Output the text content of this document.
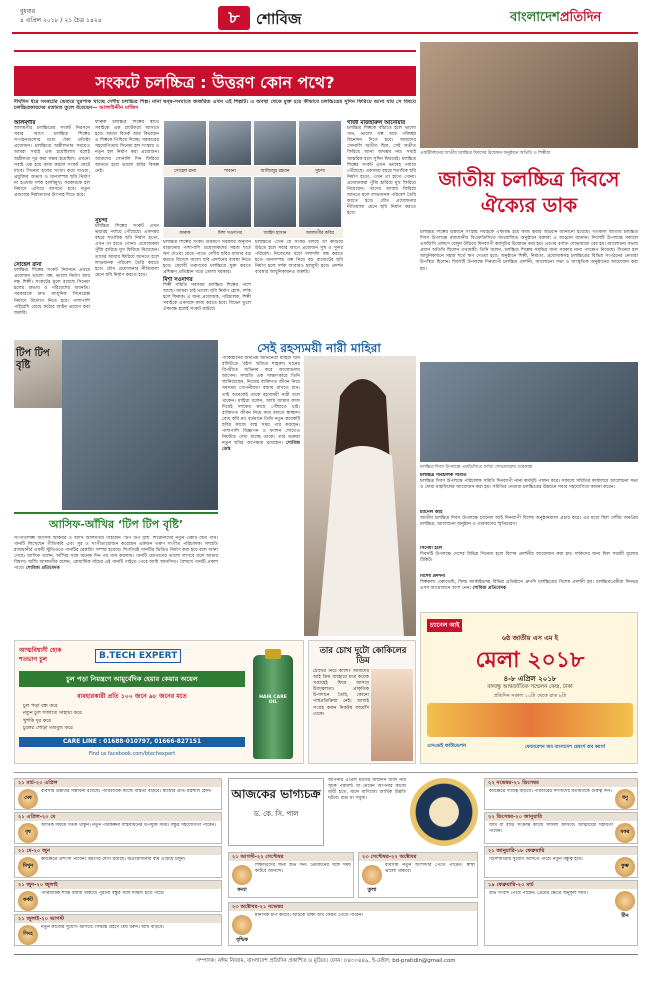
বুধবার
৪ এপ্রিল ২০১৮ / ২১ চৈত্র ১৪২৪	৮	শোবিজ	বাংলাদেশপ্রতিদিন
সংকটে চলচ্চিত্র : উত্তরণ কোন পথে?
দীর্ঘদিন ধরে সংকটের ভেতরে ঘুরপাক খাচ্ছে দেশীয় চলচ্চিত্র শিল্প। নানা দ্বন্দ্ব-সংঘাতে জর্জরিত এখন এই শিল্পটি। এ অবস্থা থেকে মুক্ত হয়ে কীভাবে চলচ্চিত্রের সুদিন ফিরিয়ে আনা যায় সে বিষয়ে চলচ্চিত্রকারদের মতামত তুলে ধরেছেন— আলাউদ্দীন মাজিদ
আলমগীর
আলমগীর চলচ্চিত্রের সংকট নিরসনে সবার আগে চলচ্চিত্র শিল্পের সংগঠনগুলোর মধ্যে ঐক্য প্রতিষ্ঠা প্রয়োজন। চলচ্চিত্রে অশ্লীলতার সময়েও আমরা সবাই এক হয়েছিলাম বলেই অশ্লীলতা দূর করা সম্ভব হয়েছিল। এখনো সবাই এক হয়ে কাজ করলে সংকট কেটে যাবে। সিনেমা হলের সংখ্যা কমে যাওয়া, প্রযুক্তির অভাব ও মানসম্পন্ন ছবি নির্মাণ না হওয়ায় দর্শক হলবিমুখ। সরকারকে হল নির্মাণে এগিয়ে আসতে হবে। নতুন প্রজন্মের নির্মাতাদের উৎসাহ দিতে হবে।
সোহেল রানা
চলচ্চিত্র শিল্পের সংকট নিরসনে প্রথমে প্রয়োজন ভালো গল্প, ভালো নির্মাণ আর দক্ষ শিল্পী। সংকটের মূলে রয়েছে সিনেমা হলের অভাব ও পরিবেশের অবনতি। সরকারকে দ্রুত আধুনিক সিনেপ্লেক্স নির্মাণে উদ্যোগ নিতে হবে। পাশাপাশি পাইরেসি রোধে কঠোর আইন প্রয়োগ করা জরুরি।
ফারুক চলচ্চিত্র শিল্পের স্বার্থে সবাইকে এক প্ল্যাটফর্মে আসতে হবে। অযথা বিতর্ক আর বিভাজন এ শিল্পকে পিছিয়ে দিচ্ছে। সরকারের সহযোগিতায় সিনেমা হল সংস্কার ও নতুন হল নির্মাণ করা প্রয়োজন। আমাদের সোনালি দিন ফিরিয়ে আনতে হলে ভালো ছবির বিকল্প নেই।
সুচন্দা
চলচ্চিত্র শিল্পের সংকট এখন ভয়াবহ পর্যায়ে পৌঁছেছে। একসময় বছরে শতাধিক ছবি নির্মাণ হতো, এখন তা হাতে গোনা। প্রযোজকরা পুঁজি হারিয়ে মুখ ফিরিয়ে নিয়েছেন। তাদের আবার ফিরিয়ে আনতে হলে লাভজনক পরিবেশ তৈরি করতে হবে। যৌথ প্রযোজনার নীতিমালা মেনে ছবি নির্মাণ করতে হবে।
সোহেল রানা	শাবানা	আজিজুর রহমান	সুচন্দা
ফারুক	মিশা সওদাগর	জাহিদ হাসান	আলমগীর কবির
চলচ্চিত্র শিল্পের সংকট উত্তরণে সরকারি অনুদান বাড়ানোর পাশাপাশি প্রযোজকদের সহজ শর্তে ঋণ দেওয়া যেতে পারে। দেশীয় ছবির বাজার বড় করতে বিদেশে বাংলা ছবি প্রদর্শনের ব্যবস্থা নিতে হবে। মেধাবী তরুণদের চলচ্চিত্রে যুক্ত করতে প্রশিক্ষণ প্রতিষ্ঠান গড়ে তোলা দরকার।
মিশা সওদাগর
শিল্পী সমিতি সবসময় চলচ্চিত্র শিল্পের পাশে আছে। আমরা চাই ভালো ছবি নির্মাণ হোক, দর্শক হলে ফিরুক। এ জন্য প্রযোজক, পরিচালক, শিল্পী সবাইকে একসঙ্গে কাজ করতে হবে। বিভেদ ভুলে ঐক্যবদ্ধ হলেই সংকট কাটবে।
চলচ্চিত্রে এখন যে সংকট চলছে তা কাটিয়ে উঠতে হলে সবার আগে প্রয়োজন সুস্থ ও সুন্দর পরিবেশ। নিজেদের মধ্যে দলাদলি বন্ধ করতে হবে। মানসম্পন্ন গল্প নিয়ে বড় বাজেটের ছবি নির্মাণ হলে দর্শক আবারও হলমুখী হবে। প্রদর্শন ব্যবস্থার আধুনিকায়নও জরুরি।
গাজী মাজহারুল আনোয়ার
চলচ্চিত্র শিল্পকে বাঁচাতে হলে ভালো গান, ভালো গল্প আর পরিচ্ছন্ন বিনোদন দিতে হবে। আমাদের সোনালি অতীত ছিল, সেই অতীত ফিরিয়ে আনা অসম্ভব নয়। সবাই আন্তরিক হলে সুদিন ফিরবেই। চলচ্চিত্র শিল্পের সংকট এখন ভয়াবহ পর্যায়ে পৌঁছেছে। একসময় বছরে শতাধিক ছবি নির্মাণ হতো, এখন তা হাতে গোনা। প্রযোজকরা পুঁজি হারিয়ে মুখ ফিরিয়ে নিয়েছেন। তাদের আবার ফিরিয়ে আনতে হলে লাভজনক পরিবেশ তৈরি করতে হবে। যৌথ প্রযোজনার নীতিমালা মেনে ছবি নির্মাণ করতে হবে।
একটিমিশনের জাতীয় চলচ্চিত্র দিবসের উদ্বোধন অনুষ্ঠানে অতিথি ও শিল্পীরা
জাতীয় চলচ্চিত্র দিবসে ঐক্যের ডাক
চলচ্চিত্র শিল্পের উন্নয়নে সংশ্লিষ্ট সবাইকে ঐক্যবদ্ধ হয়ে কাজ করার আহ্বান জানানো হয়েছে। গতকাল জাতীয় চলচ্চিত্র দিবস উপলক্ষে রাজধানীর বিএফডিসিতে আয়োজিত অনুষ্ঠানে বক্তারা এ আহ্বান জানান। দিবসটি উপলক্ষে সকালে এফডিসি প্রাঙ্গণে বেলুন উড়িয়ে দিনব্যাপী কর্মসূচির উদ্বোধন করা হয়। এরপর বর্ণাঢ্য শোভাযাত্রা বের হয়। আলোচনা সভায় প্রধান অতিথি ছিলেন তথ্যমন্ত্রী। তিনি বলেন, চলচ্চিত্র শিল্পের সমৃদ্ধির জন্য সরকার নানা পদক্ষেপ নিয়েছে। সিনেমা হল আধুনিকায়নে সহজ শর্তে ঋণ দেওয়া হবে। অনুষ্ঠানে শিল্পী, নির্মাতা, প্রযোজকসহ চলচ্চিত্রের বিভিন্ন সংগঠনের নেতারা উপস্থিত ছিলেন। দিবসটি উপলক্ষে দিনব্যাপী চলচ্চিত্র প্রদর্শনী, আলোচনা সভা ও সাংস্কৃতিক অনুষ্ঠানের আয়োজন করা হয়।
চলচ্চিত্র দিবস উপলক্ষে এফডিসিতে বর্ণাঢ্য শোভাযাত্রায় তারকারা
চলচ্চিত্র পরিচালক সমিতি
চলচ্চিত্র দিবস উপলক্ষে পরিচালক সমিতি দিনব্যাপী নানা কর্মসূচি পালন করে। সকালে সমিতির কার্যালয়ে আলোচনা সভা ও দোয়া মাহফিলের আয়োজন করা হয়। সমিতির নেতারা চলচ্চিত্রের উন্নয়নে সবার সহযোগিতা কামনা করেন।
চ্যানেল আই
জাতীয় চলচ্চিত্র দিবস উপলক্ষে চ্যানেল আই দিনব্যাপী বিশেষ অনুষ্ঠানমালা প্রচার করে। এর মধ্যে ছিল দেশীয় জনপ্রিয় চলচ্চিত্র, আলোচনা অনুষ্ঠান ও তারকাদের স্মৃতিচারণ।
সিনেমা হলে
দিবসটি উপলক্ষে দেশের বিভিন্ন সিনেমা হলে বিশেষ প্রদর্শনীর আয়োজন করা হয়। দর্শকদের জন্য ছিল সাশ্রয়ী মূল্যের টিকিট।
বিশেষ প্রদর্শনী
শিল্পকলা একাডেমি, ফিল্ম আর্কাইভসহ বিভিন্ন প্রতিষ্ঠানে ধ্রুপদি চলচ্চিত্রের বিশেষ প্রদর্শনী হয়। চলচ্চিত্রপ্রেমীরা দিনভর এসব আয়োজনে অংশ নেন। শোবিজ প্রতিবেদক
টিপ টিপ বৃষ্টি
আসিফ-আঁখির ‘টিপ টিপ বৃষ্টি’
সংগীতশিল্পী আসিফ আকবর ও আঁখি আলমগীর গাইলেন ‘টিপ টিপ বৃষ্টি’ শিরোনামের নতুন একটি দ্বৈত গান। গানটি লিখেছেন গীতিকবি এবং সুর ও সংগীতায়োজন করেছেন একজন তরুণ সংগীত পরিচালক। সম্প্রতি রাজধানীর একটি স্টুডিওতে গানটির রেকর্ডিং সম্পন্ন হয়েছে। শিগগিরই গানটির ভিডিও নির্মাণ করা হবে বলে জানা গেছে। আসিফ বলেন, আঁখির সঙ্গে অনেক দিন পর গান করলাম। গানটি শ্রোতাদের ভালো লাগবে বলে আমার বিশ্বাস। আঁখি আলমগীর বলেন, রোমান্টিক ধাঁচের এই গানটি গাইতে পেরে আমি আনন্দিত। বৈশাখে গানটি প্রকাশ পাবে। শোবিজ প্রতিবেদক
সেই রহস্যময়ী নারী মাহিরা
পাকিস্তানের জনপ্রিয় অভিনেত্রী মাহিরা খান বলিউডে ‘রইস’ ছবিতে শাহরুখ খানের বিপরীতে অভিনয় করে আলোচনায় আসেন। সম্প্রতি এক সাক্ষাৎকারে তিনি জানিয়েছেন, নিজের ব্যক্তিগত জীবন নিয়ে সবসময় গোপনীয়তা বজায় রাখতে চান। তাই অনেকেই তাকে রহস্যময়ী নারী বলে থাকেন। মাহিরা বলেন, আমি আমার কাজ দিয়েই দর্শকের কাছে পৌঁছাতে চাই। ব্যক্তিগত জীবন নিয়ে কথা বলতে স্বাচ্ছন্দ্য বোধ করি না। বর্তমানে তিনি নতুন কয়েকটি ছবির কাজে ব্যস্ত সময় পার করছেন। পাশাপাশি বিজ্ঞাপন ও ফ্যাশন শোতেও নিয়মিত দেখা যাচ্ছে তাকে। তার ভক্তরা নতুন ছবির অপেক্ষায় রয়েছেন। শোবিজ ডেস্ক
আত্মবিশ্বাসী হোক
শতভাগ চুল	B.TECH EXPERT
চুল পড়া নিয়ন্ত্রণে আয়ুর্বেদিক হেয়ার কেয়ার অয়েল
ব্যবহারকারী প্রতি ১০০ জনে ৯৮ জনের মতে
চুল পড়া বন্ধ করে
নতুন চুল গজাতে সাহায্য করে
খুশকি দূর করে
চুলের গোড়া মজবুত করে
CARE LINE : 01688-010797, 01666-827151
Find us facebook.com/btechexpert
HAIR CARE OIL
তার চোখ দুটো কোকিলের ডিম
চোখের নিচে কালি? আমাদের আই ক্রিম ব্যবহারে মাত্র কয়েক সপ্তাহেই ফিরে আসবে উজ্জ্বলতা। প্রাকৃতিক উপাদানে তৈরি, কোনো পার্শ্বপ্রতিক্রিয়া নেই। আজই সংগ্রহ করুন নিকটস্থ ফার্মেসি থেকে।
চ্যানেল আই
৬ষ্ঠ জাতীয় এস এম ই
মেলা ২০১৮
৪-৮ এপ্রিল ২০১৮
বঙ্গবন্ধু আন্তর্জাতিক সম্মেলন কেন্দ্র, ঢাকা
প্রতিদিন সকাল ১০টা থেকে রাত ৮টা
এসএমই ফাউন্ডেশন	ফেডারেশন অব বাংলাদেশ চেম্বার্স অব কমার্স
আজকের ভাগ্যচক্র
ড. কে. সি. পাল
আপনার এপ্রিল মাসের জন্মদিন বাবদ নাম সূচক পরামর্শ। যা নেবেন আপনার কাজে জয়ী হতে, মানে বাণিজ্যে আর্থিক উন্নতি ঘটবে। শুভ রং সবুজ।
২১ মার্চ-২০ এপ্রিল
মেষ
ব্যবসায় উন্নতির সম্ভাবনা রয়েছে। পারিবারিক কাজে ব্যস্ততা বাড়বে। স্বাস্থ্যের প্রতি যত্নশীল হোন।
২১ এপ্রিল-২০ মে
বৃষ
আর্থিক বিষয়ে সতর্ক থাকুন। নতুন পরিকল্পনা বাস্তবায়নের উপযুক্ত সময়। বন্ধুর সহযোগিতা পাবেন।
২১ মে-২০ জুন
মিথুন
কর্মক্ষেত্রে প্রশংসা পাবেন। ভ্রমণের যোগ রয়েছে। অপ্রয়োজনীয় ব্যয় এড়িয়ে চলুন।
২১ জুন-২০ জুলাই
কর্কট
পারিবারিক শান্তি বজায় থাকবে। পুরনো বন্ধুর সঙ্গে সাক্ষাৎ হতে পারে।
২১ জুলাই-২০ আগস্ট
সিংহ
নতুন কাজের সুযোগ আসবে। সিদ্ধান্ত গ্রহণে ধৈর্য ধরুন। আয় বাড়বে।
২১ আগস্ট-২২ সেপ্টেম্বর
কন্যা
শিক্ষার্থীদের জন্য শুভ দিন। প্রিয়জনের সঙ্গে সময় কাটবে আনন্দে।
২৩ সেপ্টেম্বর-২২ অক্টোবর
তুলা
ব্যবসায় নতুন অংশীদার পেতে পারেন। স্বাস্থ্য ভালো থাকবে।
২৩ অক্টোবর-২১ নভেম্বর
বৃশ্চিক
মানসিক চাপ কমবে। আটকে থাকা অর্থ ফেরত পেতে পারেন।
২২ নভেম্বর-২১ ডিসেম্বর
কর্মক্ষেত্রে দায়িত্ব বাড়বে। পরিবারের সদস্যদের মতামতকে গুরুত্ব দিন।
ধনু
২২ ডিসেম্বর-২০ জানুয়ারি
জমি বা বাড়ি সংক্রান্ত কাজে সাফল্য আসবে। আত্মীয়ের সহায়তা পাবেন।	মকর
২১ জানুয়ারি-১৮ ফেব্রুয়ারি
বিদেশযাত্রার সুযোগ আসতে পারে। নতুন বন্ধুত্ব হবে।
কুম্ভ
১৯ ফেব্রুয়ারি-২০ মার্চ
শুভ সংবাদ পেতে পারেন। প্রেমের ক্ষেত্রে অনুকূল সময়।
মীন
সম্পাদক: নঈম নিজাম, বাংলাদেশ প্রতিদিন প্রকাশিত ও মুদ্রিত। ফোন: ৮৪৩০৪৪৯, ই-মেইল: bd-pratidin@gmail.com
